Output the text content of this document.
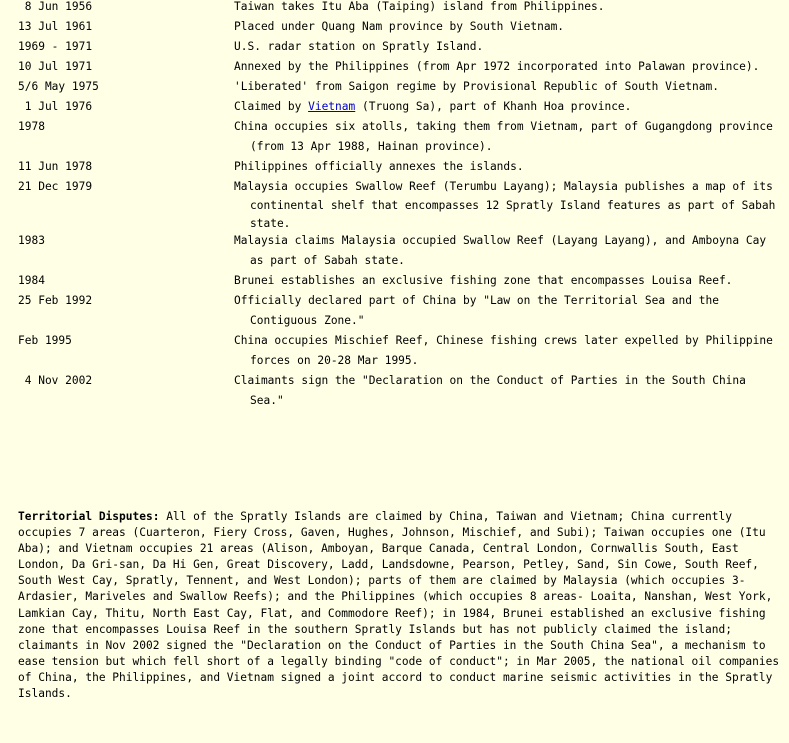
8 Jun 1956	Taiwan takes Itu Aba (Taiping) island from Philippines.
13 Jul 1961	Placed under Quang Nam province by South Vietnam.
1969 - 1971	U.S. radar station on Spratly Island.
10 Jul 1971	Annexed by the Philippines (from Apr 1972 incorporated into Palawan province).
5/6 May 1975	'Liberated' from Saigon regime by Provisional Republic of South Vietnam.
1 Jul 1976	Claimed by Vietnam (Truong Sa), part of Khanh Hoa province.
1978	China occupies six atolls, taking them from Vietnam, part of Gugangdong province (from 13 Apr 1988, Hainan province).
11 Jun 1978	Philippines officially annexes the islands.
21 Dec 1979	Malaysia occupies Swallow Reef (Terumbu Layang); Malaysia publishes a map of its continental shelf that encompasses 12 Spratly Island features as part of Sabah state.
1983	Malaysia claims Malaysia occupied Swallow Reef (Layang Layang), and Amboyna Cay as part of Sabah state.
1984	Brunei establishes an exclusive fishing zone that encompasses Louisa Reef.
25 Feb 1992	Officially declared part of China by "Law on the Territorial Sea and the Contiguous Zone."
Feb 1995	China occupies Mischief Reef, Chinese fishing crews later expelled by Philippine forces on 20-28 Mar 1995.
4 Nov 2002	Claimants sign the "Declaration on the Conduct of Parties in the South China Sea."
Territorial Disputes: All of the Spratly Islands are claimed by China, Taiwan and Vietnam; China currently occupies 7 areas (Cuarteron, Fiery Cross, Gaven, Hughes, Johnson, Mischief, and Subi); Taiwan occupies one (Itu Aba); and Vietnam occupies 21 areas (Alison, Amboyan, Barque Canada, Central London, Cornwallis South, East London, Da Gri-san, Da Hi Gen, Great Discovery, Ladd, Landsdowne, Pearson, Petley, Sand, Sin Cowe, South Reef, South West Cay, Spratly, Tennent, and West London); parts of them are claimed by Malaysia (which occupies 3- Ardasier, Mariveles and Swallow Reefs); and the Philippines (which occupies 8 areas- Loaita, Nanshan, West York, Lamkian Cay, Thitu, North East Cay, Flat, and Commodore Reef); in 1984, Brunei established an exclusive fishing zone that encompasses Louisa Reef in the southern Spratly Islands but has not publicly claimed the island; claimants in Nov 2002 signed the "Declaration on the Conduct of Parties in the South China Sea", a mechanism to ease tension but which fell short of a legally binding "code of conduct"; in Mar 2005, the national oil companies of China, the Philippines, and Vietnam signed a joint accord to conduct marine seismic activities in the Spratly Islands.
